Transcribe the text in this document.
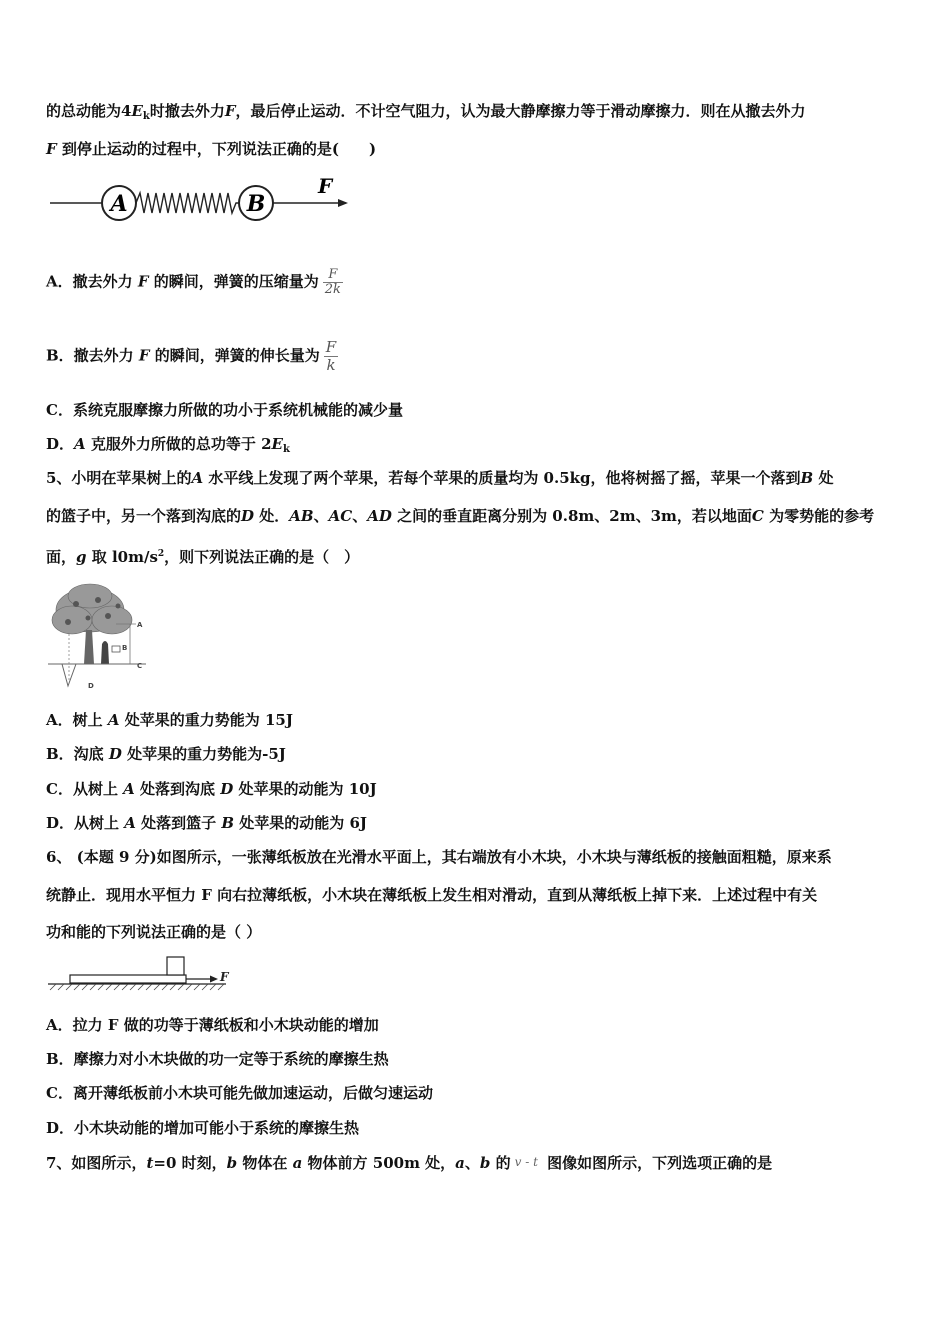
的总动能为$4E_k$时撤去外力F，最后停止运动．不计空气阻力，认为最大静摩擦力等于滑动摩擦力．则在从撤去外力
F 到停止运动的过程中，下列说法正确的是(　　)
A	B
F
A．撤去外力 F 的瞬间，弹簧的压缩量为 $\frac{F}{2k}$
B．撤去外力 F 的瞬间，弹簧的伸长量为 $\frac{F}{k}$
C．系统克服摩擦力所做的功小于系统机械能的减少量
D．A 克服外力所做的总功等于 $2E_k$
5、小明在苹果树上的A 水平线上发现了两个苹果，若每个苹果的质量均为 0.5kg，他将树摇了摇，苹果一个落到B 处
的篮子中，另一个落到沟底的D 处．AB、AC、AD 之间的垂直距离分别为 0.8m、2m、3m，若以地面C 为零势能的参考
面，g 取 $l0m/s^2$，则下列说法正确的是（　）
A
B
C
D
A．树上 A 处苹果的重力势能为 15J
B．沟底 D 处苹果的重力势能为-5J
C．从树上 A 处落到沟底 D 处苹果的动能为 10J
D．从树上 A 处落到篮子 B 处苹果的动能为 6J
6、 (本题 9 分)如图所示，一张薄纸板放在光滑水平面上，其右端放有小木块，小木块与薄纸板的接触面粗糙，原来系
统静止．现用水平恒力 F 向右拉薄纸板，小木块在薄纸板上发生相对滑动，直到从薄纸板上掉下来．上述过程中有关
功和能的下列说法正确的是（ ）
F
A．拉力 F 做的功等于薄纸板和小木块动能的增加
B．摩擦力对小木块做的功一定等于系统的摩擦生热
C．离开薄纸板前小木块可能先做加速运动，后做匀速运动
D．小木块动能的增加可能小于系统的摩擦生热
7、如图所示，t=0 时刻，b 物体在 a 物体前方 500m 处，a、b 的 v - t 图像如图所示，下列选项正确的是
